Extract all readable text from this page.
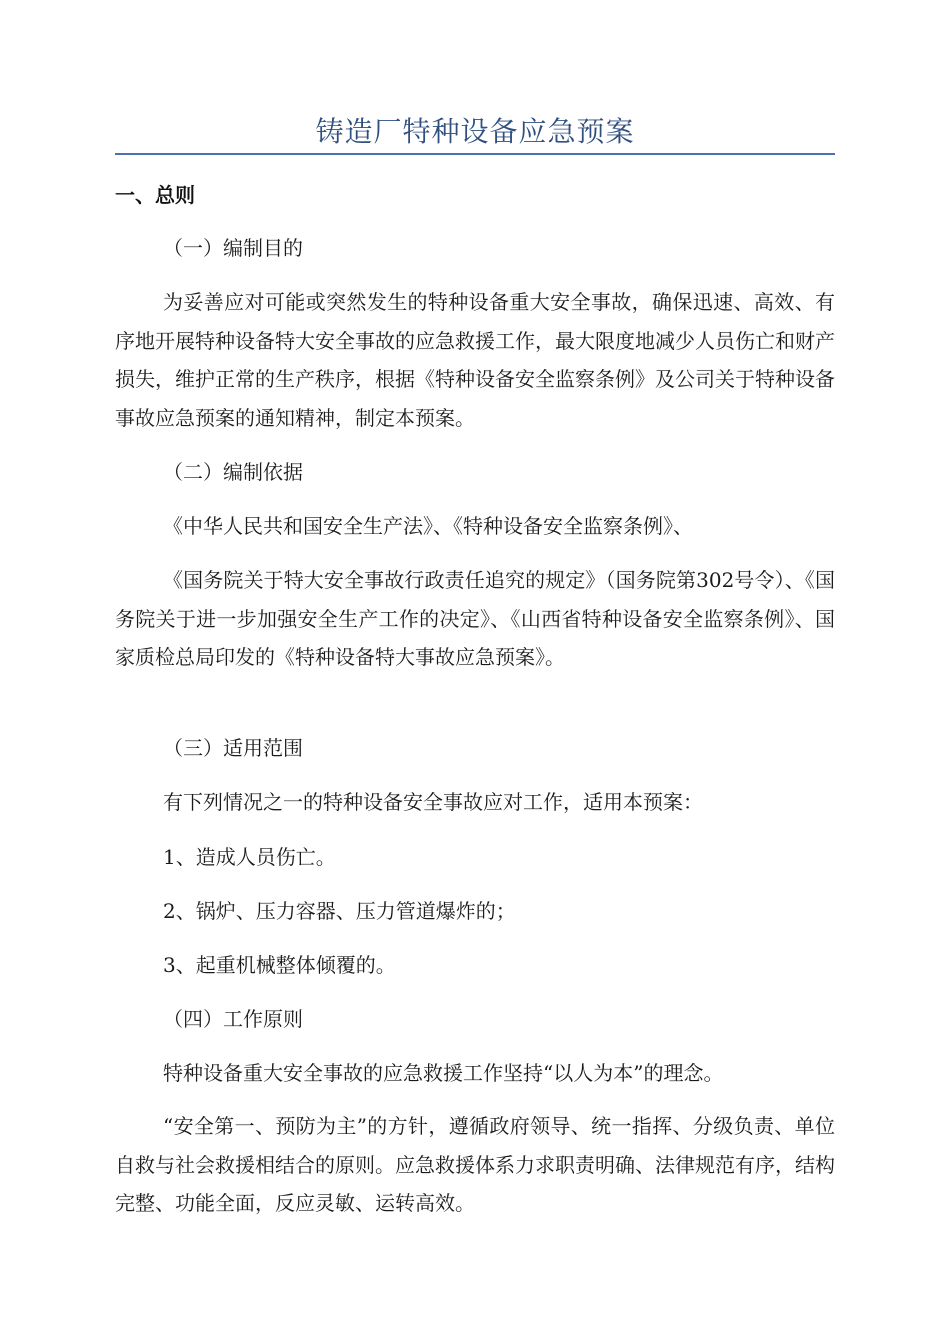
铸造厂特种设备应急预案
一、总则

（一）编制目的

为妥善应对可能或突然发生的特种设备重大安全事故，确保迅速、高效、有序地开展特种设备特大安全事故的应急救援工作，最大限度地减少人员伤亡和财产损失，维护正常的生产秩序，根据《特种设备安全监察条例》及公司关于特种设备事故应急预案的通知精神，制定本预案。

（二）编制依据

《中华人民共和国安全生产法》、《特种设备安全监察条例》、

《国务院关于特大安全事故行政责任追究的规定》（国务院第302号令）、《国务院关于进一步加强安全生产工作的决定》、《山西省特种设备安全监察条例》、国家质检总局印发的《特种设备特大事故应急预案》。

（三）适用范围

有下列情况之一的特种设备安全事故应对工作，适用本预案：

1、造成人员伤亡。

2、锅炉、压力容器、压力管道爆炸的；

3、起重机械整体倾覆的。

（四）工作原则

特种设备重大安全事故的应急救援工作坚持“以人为本”的理念。

“安全第一、预防为主”的方针，遵循政府领导、统一指挥、分级负责、单位自救与社会救援相结合的原则。应急救援体系力求职责明确、法律规范有序，结构完整、功能全面，反应灵敏、运转高效。
